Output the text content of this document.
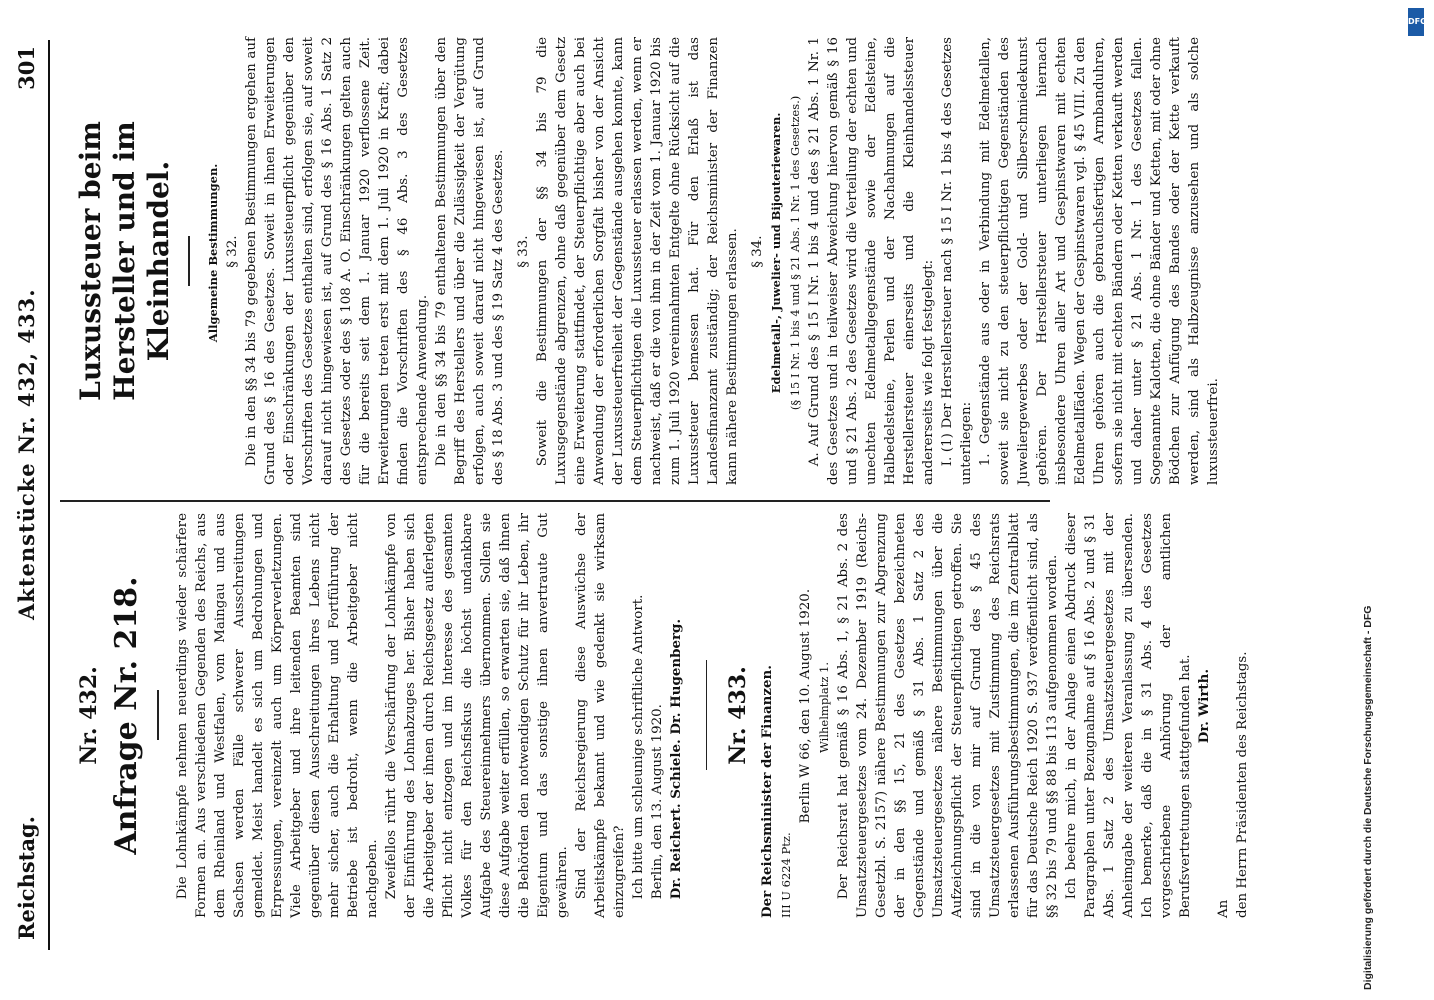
Reichstag.
Aktenstücke Nr. 432, 433.
301
Nr. 432. Anfrage Nr. 218. Die Lohnkämpfe nehmen neuerdings wieder schärfere Formen an. Aus verschiedenen Gegenden des Reichs, aus dem Rheinland und Westfalen, vom Maingau und aus Sachsen werden Fälle schwerer Ausschreitungen gemeldet. Meist handelt es sich um Bedrohungen und Erpressungen, vereinzelt auch um Körperverletzungen. Viele Arbeitgeber und ihre leitenden Beamten sind gegenüber diesen Ausschreitungen ihres Lebens nicht mehr sicher, auch die Erhaltung und Fortführung der Betriebe ist bedroht, wenn die Arbeitgeber nicht nachgeben. Zweifellos rührt die Verschärfung der Lohnkämpfe von der Einführung des Lohnabzuges her. Bisher haben sich die Arbeitgeber der ihnen durch Reichsgesetz auferlegten Pflicht nicht entzogen und im Interesse des gesamten Volkes für den Reichsfiskus die höchst undankbare Aufgabe des Steuereinnehmers übernommen. Sollen sie diese Aufgabe weiter erfüllen, so erwarten sie, daß ihnen die Behörden den notwendigen Schutz für ihr Leben, ihr Eigentum und das sonstige ihnen anvertraute Gut gewähren. Sind der Reichsregierung diese Auswüchse der Arbeitskämpfe bekannt und wie gedenkt sie wirksam einzugreifen? Ich bitte um schleunige schriftliche Antwort. Berlin, den 13. August 1920. Dr. Reichert. Schiele. Dr. Hugenberg. Nr. 433. Der Reichsminister der Finanzen. III U 6224 Ptz.

Berlin W 66, den 10. August 1920. Wilhelmplatz 1. Der Reichsrat hat gemäß § 16 Abs. 1, § 21 Abs. 2 des Umsatzsteuergesetzes vom 24. Dezember 1919 (Reichs-Gesetzbl. S. 2157) nähere Bestimmungen zur Abgrenzung der in den §§ 15, 21 des Gesetzes bezeichneten Gegenstände und gemäß § 31 Abs. 1 Satz 2 des Umsatzsteuergesetzes nähere Bestimmungen über die Aufzeichnungspflicht der Steuerpflichtigen getroffen. Sie sind in die von mir auf Grund des § 45 des Umsatzsteuergesetzes mit Zustimmung des Reichsrats erlassenen Ausführungsbestimmungen, die im Zentralblatt für das Deutsche Reich 1920 S. 937 veröffentlicht sind, als §§ 32 bis 79 und §§ 88 bis 113 aufgenommen worden. Ich beehre mich, in der Anlage einen Abdruck dieser Paragraphen unter Bezugnahme auf § 16 Abs. 2 und § 31 Abs. 1 Satz 2 des Umsatzsteuergesetzes mit der Anheimgabe der weiteren Veranlassung zu übersenden. Ich bemerke, daß die in § 31 Abs. 4 des Gesetzes vorgeschriebene Anhörung der amtlichen Berufsvertretungen stattgefunden hat. Dr. Wirth.

An den Herrn Präsidenten des Reichstags.

Luxussteuer beim Hersteller und im Kleinhandel.	Allgemeine Bestimmungen. § 32. Die in den §§ 34 bis 79 gegebenen Bestimmungen ergehen auf Grund des § 16 des Gesetzes. Soweit in ihnen Erweiterungen oder Einschränkungen der Luxussteuerpflicht gegenüber den Vorschriften des Gesetzes enthalten sind, erfolgen sie, auf soweit darauf nicht hingewiesen ist, auf Grund des § 16 Abs. 1 Satz 2 des Gesetzes oder des § 108 A. O. Einschränkungen gelten auch für die bereits seit dem 1. Januar 1920 verflossene Zeit. Erweiterungen treten erst mit dem 1. Juli 1920 in Kraft; dabei finden die Vorschriften des § 46 Abs. 3 des Gesetzes entsprechende Anwendung. Die in den §§ 34 bis 79 enthaltenen Bestimmungen über den Begriff des Herstellers und über die Zulässigkeit der Vergütung erfolgen, auch soweit darauf nicht hingewiesen ist, auf Grund des § 18 Abs. 3 und des § 19 Satz 4 des Gesetzes. § 33. Soweit die Bestimmungen der §§ 34 bis 79 die Luxusgegenstände abgrenzen, ohne daß gegenüber dem Gesetz eine Erweiterung stattfindet, der Steuerpflichtige aber auch bei Anwendung der erforderlichen Sorgfalt bisher von der Ansicht der Luxussteuerfreiheit der Gegenstände ausgehen konnte, kann dem Steuerpflichtigen die Luxussteuer erlassen werden, wenn er nachweist, daß er die von ihm in der Zeit vom 1. Januar 1920 bis zum 1. Juli 1920 vereinnahmten Entgelte ohne Rücksicht auf die Luxussteuer bemessen hat. Für den Erlaß ist das Landesfinanzamt zuständig; der Reichsminister der Finanzen kann nähere Bestimmungen erlassen. § 34. Edelmetall-, Juwelier- und Bijouteriewaren. (§ 15 I Nr. 1 bis 4 und § 21 Abs. 1 Nr. 1 des Gesetzes.) A. Auf Grund des § 15 I Nr. 1 bis 4 und des § 21 Abs. 1 Nr. 1 des Gesetzes und in teilweiser Abweichung hiervon gemäß § 16 und § 21 Abs. 2 des Gesetzes wird die Verteilung der echten und unechten Edelmetallgegenstände sowie der Edelsteine, Halbedelsteine, Perlen und der Nachahmungen auf die Herstellersteuer einerseits und die Kleinhandelssteuer andererseits wie folgt festgelegt: I. (1) Der Herstellersteuer nach § 15 I Nr. 1 bis 4 des Gesetzes unterliegen: 1. Gegenstände aus oder in Verbindung mit Edelmetallen, soweit sie nicht zu den steuerpflichtigen Gegenständen des Juweliergewerbes oder der Gold- und Silberschmiedekunst gehören. Der Herstellersteuer unterliegen hiernach insbesondere Uhren aller Art und Gespinstwaren mit echten Edelmetallfäden. Wegen der Gespinstwaren vgl. § 45 VIII. Zu den Uhren gehören auch die gebrauchsfertigen Armbanduhren, sofern sie nicht mit echten Bändern oder Ketten verkauft werden und daher unter § 21 Abs. 1 Nr. 1 des Gesetzes fallen. Sogenannte Kalotten, die ohne Bänder und Ketten, mit oder ohne Bödchen zur Anfügung des Bandes oder der Kette verkauft werden, sind als Halbzeugnisse anzusehen und als solche luxussteuerfrei.

DFG
Digitalisierung gefördert durch die Deutsche Forschungsgemeinschaft - DFG
